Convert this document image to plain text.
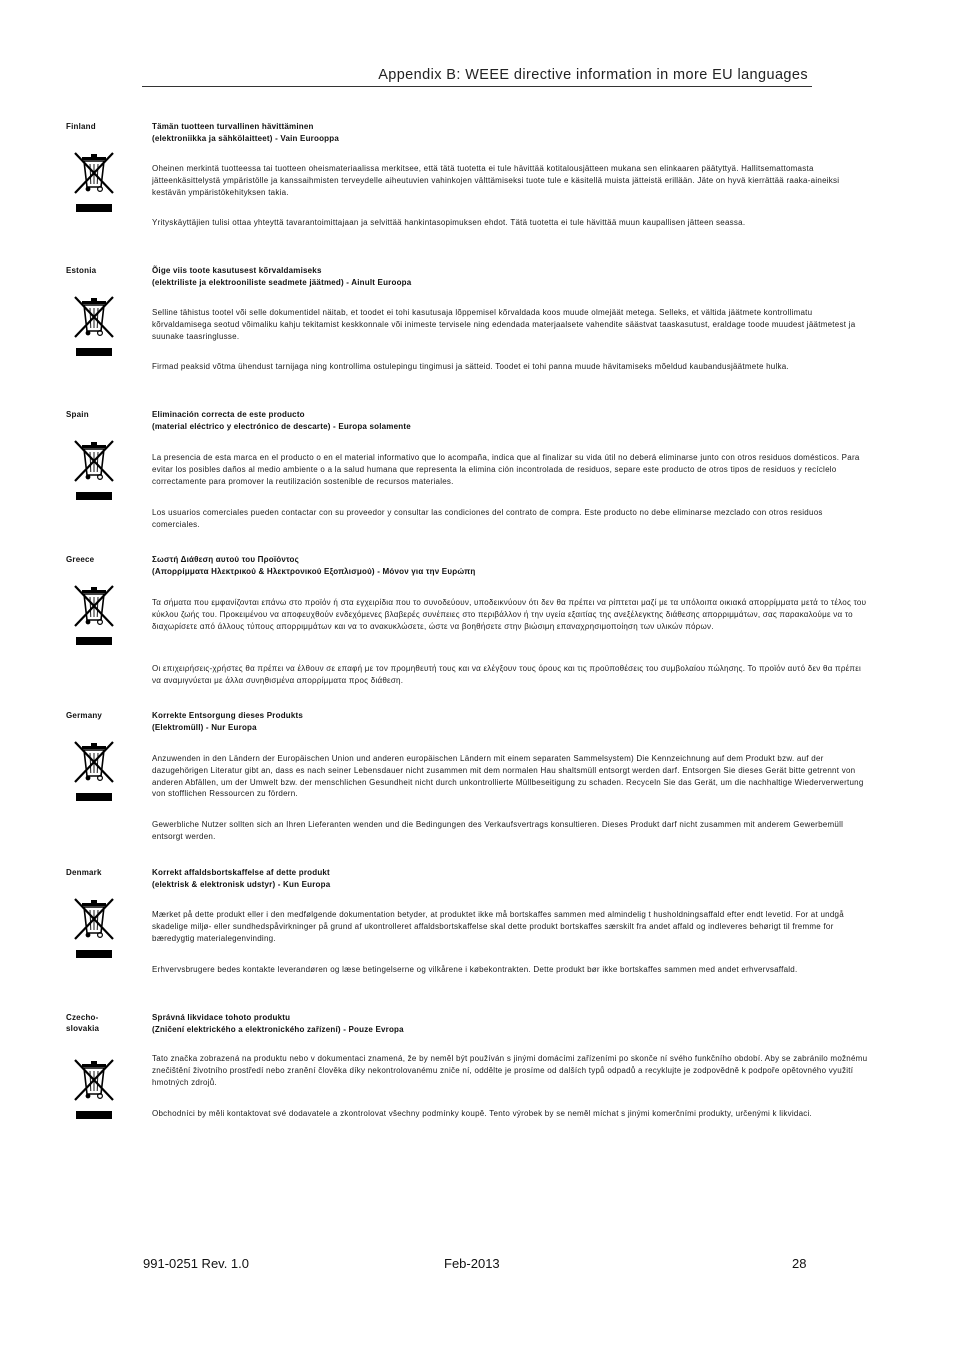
Appendix B: WEEE directive information in more EU languages
Finland	Tämän tuotteen turvallinen hävittäminen
(elektroniikka ja sähkölaitteet) - Vain Eurooppa

Oheinen merkintä tuotteessa tai tuotteen oheismateriaalissa merkitsee, että tätä tuotetta ei tule hävittää kotitalousjätteen mukana sen elinkaaren päätyttyä. Hallitsemattomasta jätteenkäsittelystä ympäristölle ja kanssaihmisten terveydelle aiheutuvien vahinkojen välttämiseksi tuote tule e käsitellä muista jätteistä erillään. Jäte on hyvä kierrättää raaka-aineiksi kestävän ympäristökehityksen takia.

Yrityskäyttäjien tulisi ottaa yhteyttä tavarantoimittajaan ja selvittää hankintasopimuksen ehdot. Tätä tuotetta ei tule hävittää muun kaupallisen jätteen seassa.

Estonia	Õige viis toote kasutusest kõrvaldamiseks
(elektriliste ja elektrooniliste seadmete jäätmed) - Ainult Euroopa

Selline tähistus tootel või selle dokumentidel näitab, et toodet ei tohi kasutusaja lõppemisel kõrvaldada koos muude olmejäät metega. Selleks, et vältida jäätmete kontrollimatu kõrvaldamisega seotud võimaliku kahju tekitamist keskkonnale või inimeste tervisele ning edendada materjaalsete vahendite säästvat taaskasutust, eraldage toode muudest jäätmetest ja suunake taasringlusse.

Firmad peaksid võtma ühendust tarnijaga ning kontrollima ostulepingu tingimusi ja sätteid. Toodet ei tohi panna muude hävitamiseks mõeldud kaubandusjäätmete hulka.

Spain	Eliminación correcta de este producto
(material eléctrico y electrónico de descarte) - Europa solamente

La presencia de esta marca en el producto o en el material informativo que lo acompaña, indica que al finalizar su vida útil no deberá eliminarse junto con otros residuos domésticos. Para evitar los posibles daños al medio ambiente o a la salud humana que representa la elimina ción incontrolada de residuos, separe este producto de otros tipos de residuos y recíclelo correctamente para promover la reutilización sostenible de recursos materiales.

Los usuarios comerciales pueden contactar con su proveedor y consultar las condiciones del contrato de compra. Este producto no debe eliminarse mezclado con otros residuos comerciales.

Greece	Σωστή Διάθεση αυτού του Προϊόντος
(Απορρίμματα Ηλεκτρικού & Ηλεκτρονικού Εξοπλισμού) - Μόνον για την Ευρώπη

Τα σήματα που εμφανίζονται επάνω στο προϊόν ή στα εγχειρίδια που το συνοδεύουν, υποδεικνύουν ότι δεν θα πρέπει να ρίπτεται μαζί με τα υπόλοιπα οικιακά απορρίμματα μετά το τέλος του κύκλου ζωής του. Προκειμένου να αποφευχθούν ενδεχόμενες βλαβερές συνέπειες στο περιβάλλον ή την υγεία εξαιτίας της ανεξέλεγκτης διάθεσης απορριμμάτων, σας παρακαλούμε να το διαχωρίσετε από άλλους τύπους απορριμμάτων και να το ανακυκλώσετε, ώστε να βοηθήσετε στην βιώσιμη επαναχρησιμοποίηση των υλικών πόρων.

Οι επιχειρήσεις-χρήστες θα πρέπει να έλθουν σε επαφή με τον προμηθευτή τους και να ελέγξουν τους όρους και τις προϋποθέσεις του συμβολαίου πώλησης. Το προϊόν αυτό δεν θα πρέπει να αναμιγνύεται με άλλα συνηθισμένα απορρίμματα προς διάθεση.

Germany	Korrekte Entsorgung dieses Produkts
(Elektromüll) - Nur Europa

Anzuwenden in den Ländern der Europäischen Union und anderen europäischen Ländern mit einem separaten Sammelsystem) Die Kennzeichnung auf dem Produkt bzw. auf der dazugehörigen Literatur gibt an, dass es nach seiner Lebensdauer nicht zusammen mit dem normalen Hau shaltsmüll entsorgt werden darf. Entsorgen Sie dieses Gerät bitte getrennt von anderen Abfällen, um der Umwelt bzw. der menschlichen Gesundheit nicht durch unkontrollierte Müllbeseitigung zu schaden. Recyceln Sie das Gerät, um die nachhaltige Wiederverwertung von stofflichen Ressourcen zu fördern.

Gewerbliche Nutzer sollten sich an Ihren Lieferanten wenden und die Bedingungen des Verkaufsvertrags konsultieren. Dieses Produkt darf nicht zusammen mit anderem Gewerbemüll entsorgt werden.

Denmark	Korrekt affaldsbortskaffelse af dette produkt
(elektrisk & elektronisk udstyr) - Kun Europa

Mærket på dette produkt eller i den medfølgende dokumentation betyder, at produktet ikke må bortskaffes sammen med almindelig t husholdningsaffald efter endt levetid. For at undgå skadelige miljø- eller sundhedspåvirkninger på grund af ukontrolleret affaldsbortskaffelse skal dette produkt bortskaffes særskilt fra andet affald og indleveres behørigt til fremme for bæredygtig materialegenvinding.

Erhvervsbrugere bedes kontakte leverandøren og læse betingelserne og vilkårene i købekontrakten. Dette produkt bør ikke bortskaffes sammen med andet erhvervsaffald.

Czecho-
slovakia
Správná likvidace tohoto produktu
(Zničení elektrického a elektronického zařízení) - Pouze Evropa

Tato značka zobrazená na produktu nebo v dokumentaci znamená, že by neměl být používán s jinými domácími zařízeními po skonče ní svého funkčního období. Aby se zabránilo možnému znečištění životního prostředí nebo zranění člověka díky nekontrolovanému zniče ní, oddělte je prosíme od dalších typů odpadů a recyklujte je zodpovědně k podpoře opětovného využití hmotných zdrojů.

Obchodníci by měli kontaktovat své dodavatele a zkontrolovat všechny podmínky koupě. Tento výrobek by se neměl míchat s jinými komerčními produkty, určenými k likvidaci.

991-0251 Rev. 1.0	Feb-2013	28
